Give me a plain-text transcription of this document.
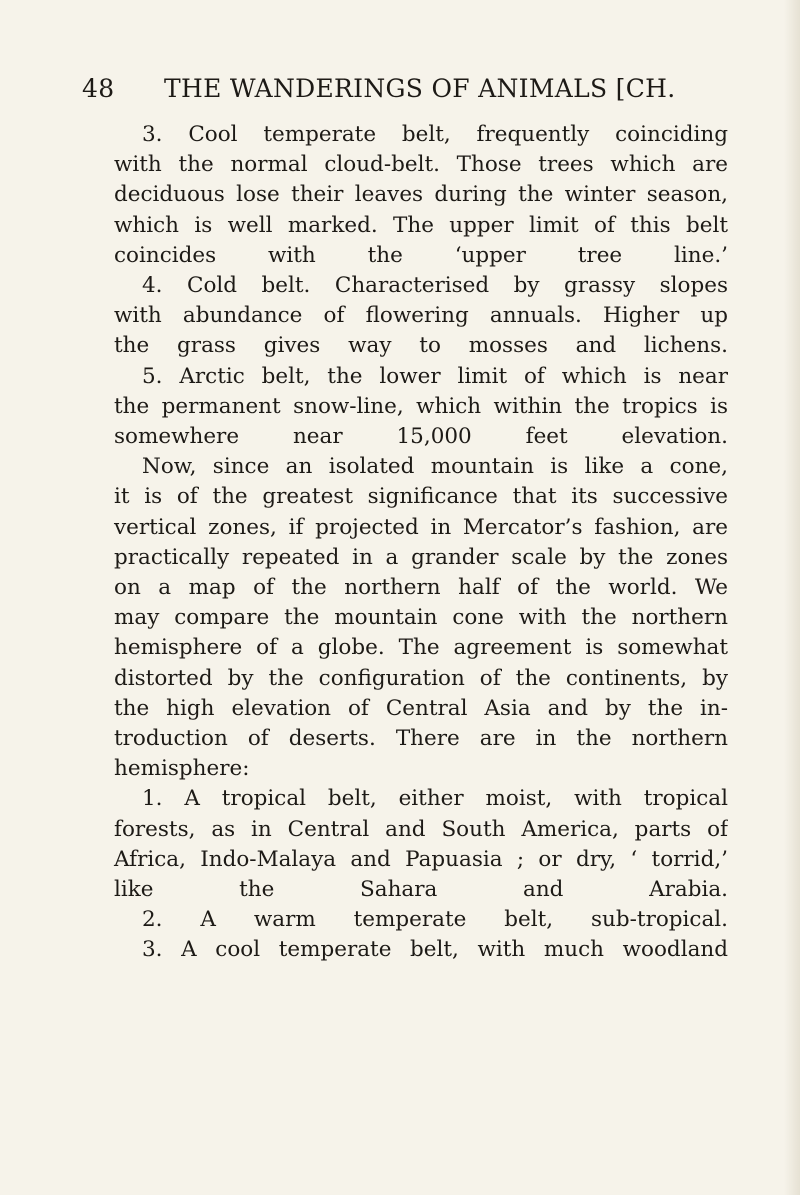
48 THE WANDERINGS OF ANIMALS [CH.
3. Cool temperate belt, frequently coinciding
with the normal cloud-belt. Those trees which are
deciduous lose their leaves during the winter season,
which is well marked. The upper limit of this belt
coincides with the ‘upper tree line.’
4. Cold belt. Characterised by grassy slopes
with abundance of flowering annuals. Higher up
the grass gives way to mosses and lichens.
5. Arctic belt, the lower limit of which is near
the permanent snow-line, which within the tropics is
somewhere near 15,000 feet elevation.
Now, since an isolated mountain is like a cone,
it is of the greatest significance that its successive
vertical zones, if projected in Mercator’s fashion, are
practically repeated in a grander scale by the zones
on a map of the northern half of the world. We
may compare the mountain cone with the northern
hemisphere of a globe. The agreement is somewhat
distorted by the configuration of the continents, by
the high elevation of Central Asia and by the in-
troduction of deserts. There are in the northern
hemisphere:
1. A tropical belt, either moist, with tropical
forests, as in Central and South America, parts of
Africa, Indo-Malaya and Papuasia ; or dry, ‘ torrid,’
like the Sahara and Arabia.
2. A warm temperate belt, sub-tropical.
3. A cool temperate belt, with much woodland
